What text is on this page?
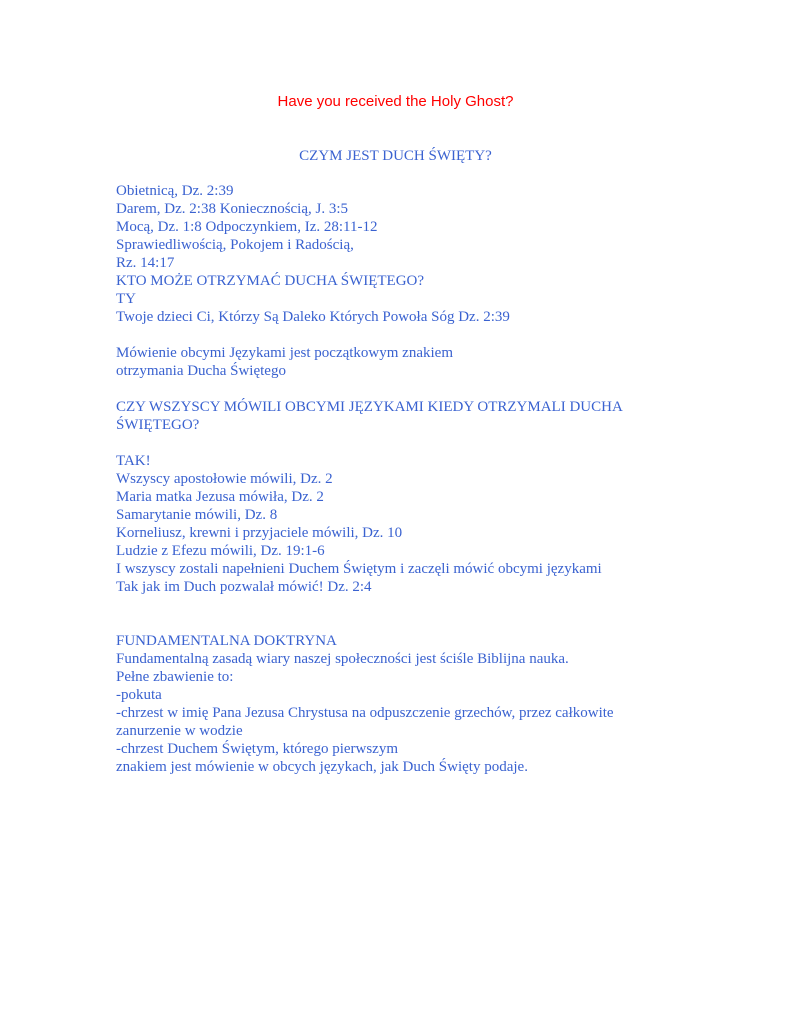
Have you received the Holy Ghost?
CZYM JEST DUCH ŚWIĘTY?
Obietnicą, Dz. 2:39
Darem, Dz. 2:38 Koniecznością, J. 3:5
Mocą, Dz. 1:8 Odpoczynkiem, Iz. 28:11-12
Sprawiedliwością, Pokojem i Radością,
Rz. 14:17
KTO MOŻE OTRZYMAĆ DUCHA ŚWIĘTEGO?
TY
Twoje dzieci Ci, Którzy Są Daleko Których Powoła Sóg Dz. 2:39
Mówienie obcymi Językami jest początkowym znakiem
otrzymania Ducha Świętego
CZY WSZYSCY MÓWILI OBCYMI JĘZYKAMI KIEDY OTRZYMALI DUCHA
ŚWIĘTEGO?
TAK!
Wszyscy apostołowie mówili, Dz. 2
Maria matka Jezusa mówiła, Dz. 2
Samarytanie mówili, Dz. 8
Korneliusz, krewni i przyjaciele mówili, Dz. 10
Ludzie z Efezu mówili, Dz. 19:1-6
I wszyscy zostali napełnieni Duchem Świętym i zaczęli mówić obcymi językami
Tak jak im Duch pozwalał mówić! Dz. 2:4
FUNDAMENTALNA DOKTRYNA
Fundamentalną zasadą wiary naszej społeczności jest ściśle Biblijna nauka.
Pełne zbawienie to:
-pokuta
-chrzest w imię Pana Jezusa Chrystusa na odpuszczenie grzechów, przez całkowite
zanurzenie w wodzie
-chrzest Duchem Świętym, którego pierwszym
znakiem jest mówienie w obcych językach, jak Duch Święty podaje.
